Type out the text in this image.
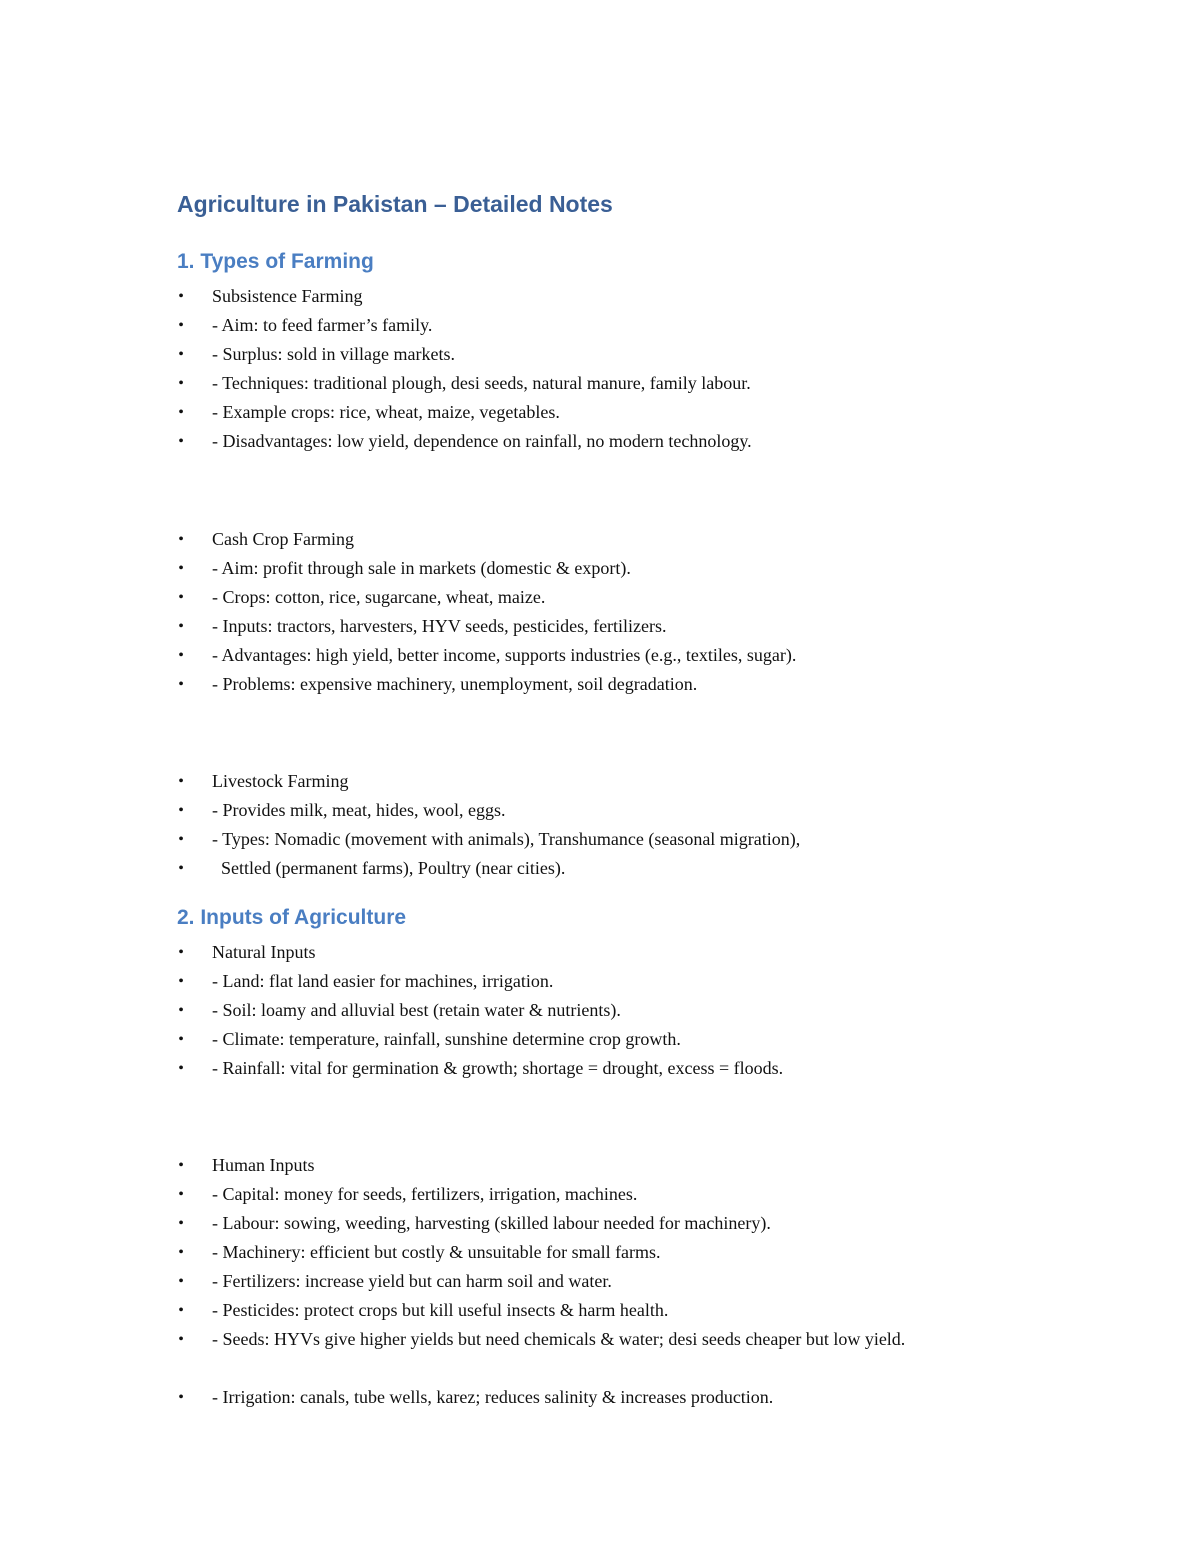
Agriculture in Pakistan – Detailed Notes
1. Types of Farming
• Subsistence Farming
• - Aim: to feed farmer’s family.
• - Surplus: sold in village markets.
• - Techniques: traditional plough, desi seeds, natural manure, family labour.
• - Example crops: rice, wheat, maize, vegetables.
• - Disadvantages: low yield, dependence on rainfall, no modern technology.
• Cash Crop Farming
• - Aim: profit through sale in markets (domestic & export).
• - Crops: cotton, rice, sugarcane, wheat, maize.
• - Inputs: tractors, harvesters, HYV seeds, pesticides, fertilizers.
• - Advantages: high yield, better income, supports industries (e.g., textiles, sugar).
• - Problems: expensive machinery, unemployment, soil degradation.
• Livestock Farming
• - Provides milk, meat, hides, wool, eggs.
• - Types: Nomadic (movement with animals), Transhumance (seasonal migration),
• Settled (permanent farms), Poultry (near cities).
2. Inputs of Agriculture
• Natural Inputs
• - Land: flat land easier for machines, irrigation.
• - Soil: loamy and alluvial best (retain water & nutrients).
• - Climate: temperature, rainfall, sunshine determine crop growth.
• - Rainfall: vital for germination & growth; shortage = drought, excess = floods.
• Human Inputs
• - Capital: money for seeds, fertilizers, irrigation, machines.
• - Labour: sowing, weeding, harvesting (skilled labour needed for machinery).
• - Machinery: efficient but costly & unsuitable for small farms.
• - Fertilizers: increase yield but can harm soil and water.
• - Pesticides: protect crops but kill useful insects & harm health.
• - Seeds: HYVs give higher yields but need chemicals & water; desi seeds cheaper but low yield.
• - Irrigation: canals, tube wells, karez; reduces salinity & increases production.
